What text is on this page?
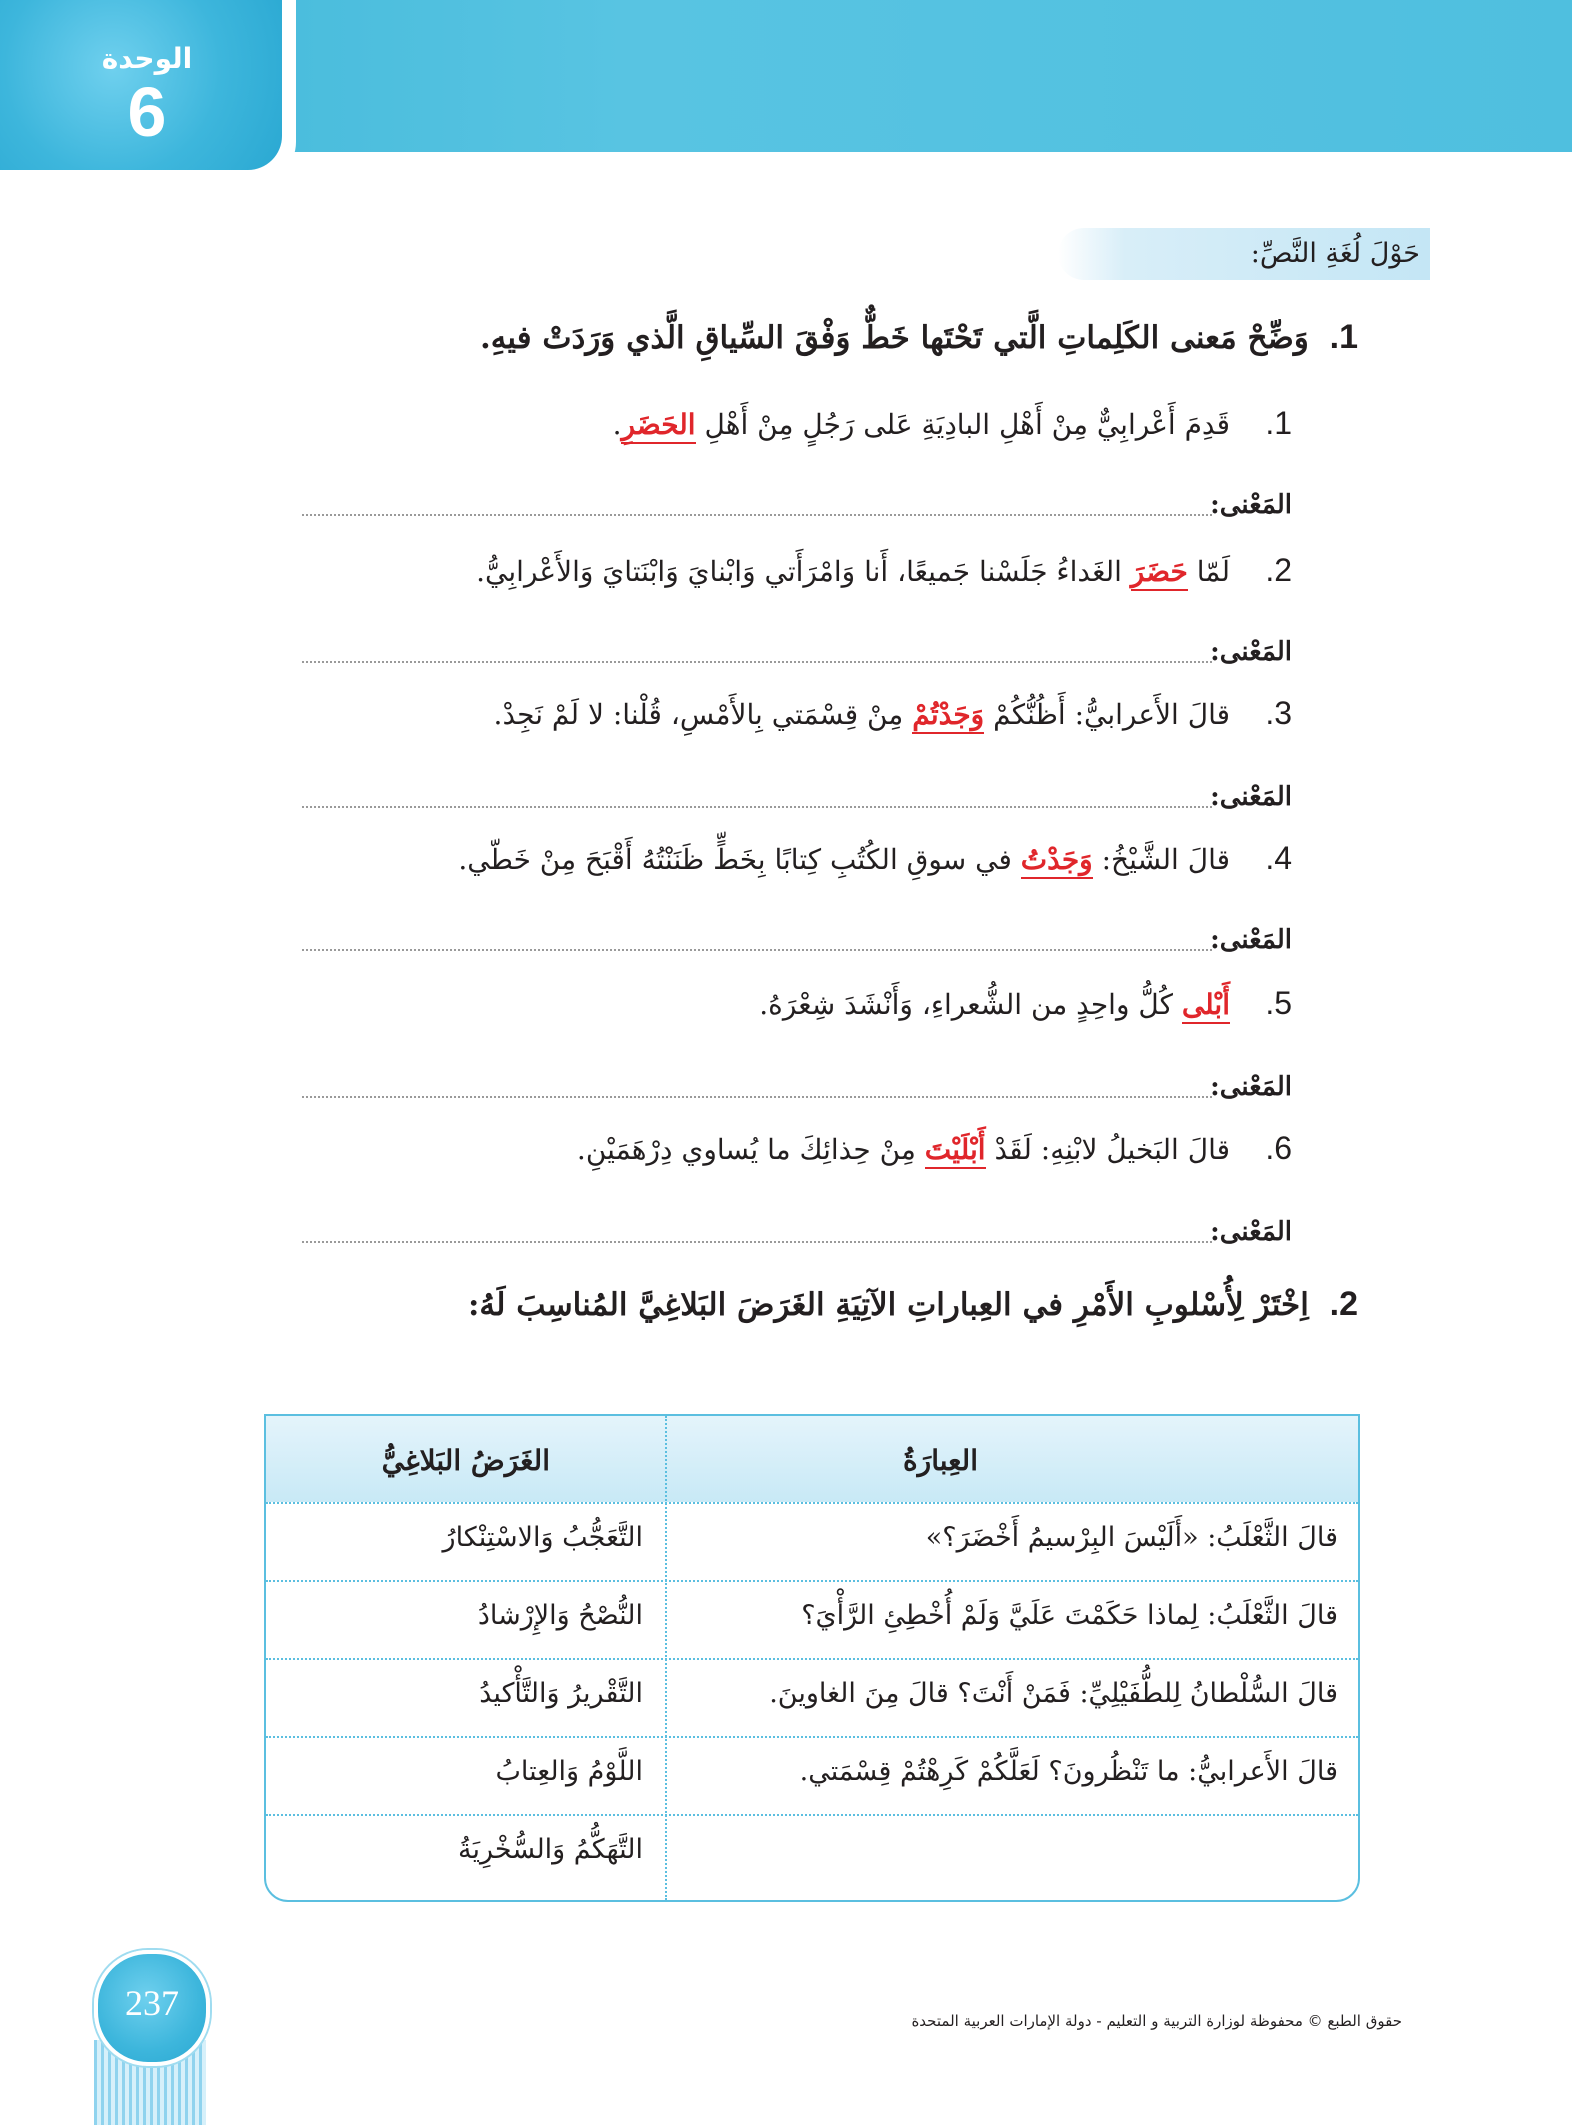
الوحدة
6
حَوْلَ لُغَةِ النَّصِّ:
1. وَضِّحْ مَعنى الكَلِماتِ الَّتي تَحْتَها خَطٌّ وَفْقَ السِّياقِ الَّذي وَرَدَتْ فيهِ.
1.قَدِمَ أَعْرابِيٌّ مِنْ أَهْلِ البادِيَةِ عَلى رَجُلٍ مِنْ أَهْلِ الحَضَرِ.
المَعْنى:
2.لَمّا حَضَرَ الغَداءُ جَلَسْنا جَميعًا، أَنا وَامْرَأَتي وَابْنايَ وَابْنَتايَ وَالأَعْرابِيُّ.
المَعْنى:
3.قالَ الأَعرابيُّ: أَظُنُّكُمْ وَجَدْتُمْ مِنْ قِسْمَتي بِالأَمْسِ، قُلْنا: لا لَمْ نَجِدْ.
المَعْنى:
4.قالَ الشَّيْخُ: وَجَدْتُ في سوقِ الكُتُبِ كِتابًا بِخَطٍّ ظَنَنْتُهُ أَقْبَحَ مِنْ خَطّي.
المَعْنى:
5.أَبْلى كُلُّ واحِدٍ من الشُّعراءِ، وَأَنْشَدَ شِعْرَهُ.
المَعْنى:
6.قالَ البَخيلُ لابْنِهِ: لَقَدْ أَبْلَيْتَ مِنْ حِذائِكَ ما يُساوي دِرْهَمَيْنِ.
المَعْنى:
2. اِخْتَرْ لِأُسْلوبِ الأَمْرِ في العِباراتِ الآتِيَةِ الغَرَضَ البَلاغِيَّ المُناسِبَ لَهُ:
العِبارَةُ
الغَرَضُ البَلاغِيُّ
قالَ الثَّعْلَبُ: «أَلَيْسَ البِرْسيمُ أَخْضَرَ؟»
التَّعَجُّبُ وَالاسْتِنْكارُ
قالَ الثَّعْلَبُ: لِماذا حَكَمْتَ عَلَيَّ وَلَمْ أُخْطِئِ الرَّأْيَ؟
النُّصْحُ وَالإِرْشادُ
قالَ السُّلْطانُ لِلطُّفَيْلِيِّ: فَمَنْ أَنْتَ؟ قالَ مِنَ الغاوينَ.
التَّقْريرُ وَالتَّأْكيدُ
قالَ الأَعرابيُّ: ما تَنْظُرونَ؟ لَعَلَّكُمْ كَرِهْتُمْ قِسْمَتي.
اللَّوْمُ وَالعِتابُ
التَّهَكُّمُ وَالسُّخْرِيَةُ
237	حقوق الطبع © محفوظة لوزارة التربية و التعليم - دولة الإمارات العربية المتحدة
